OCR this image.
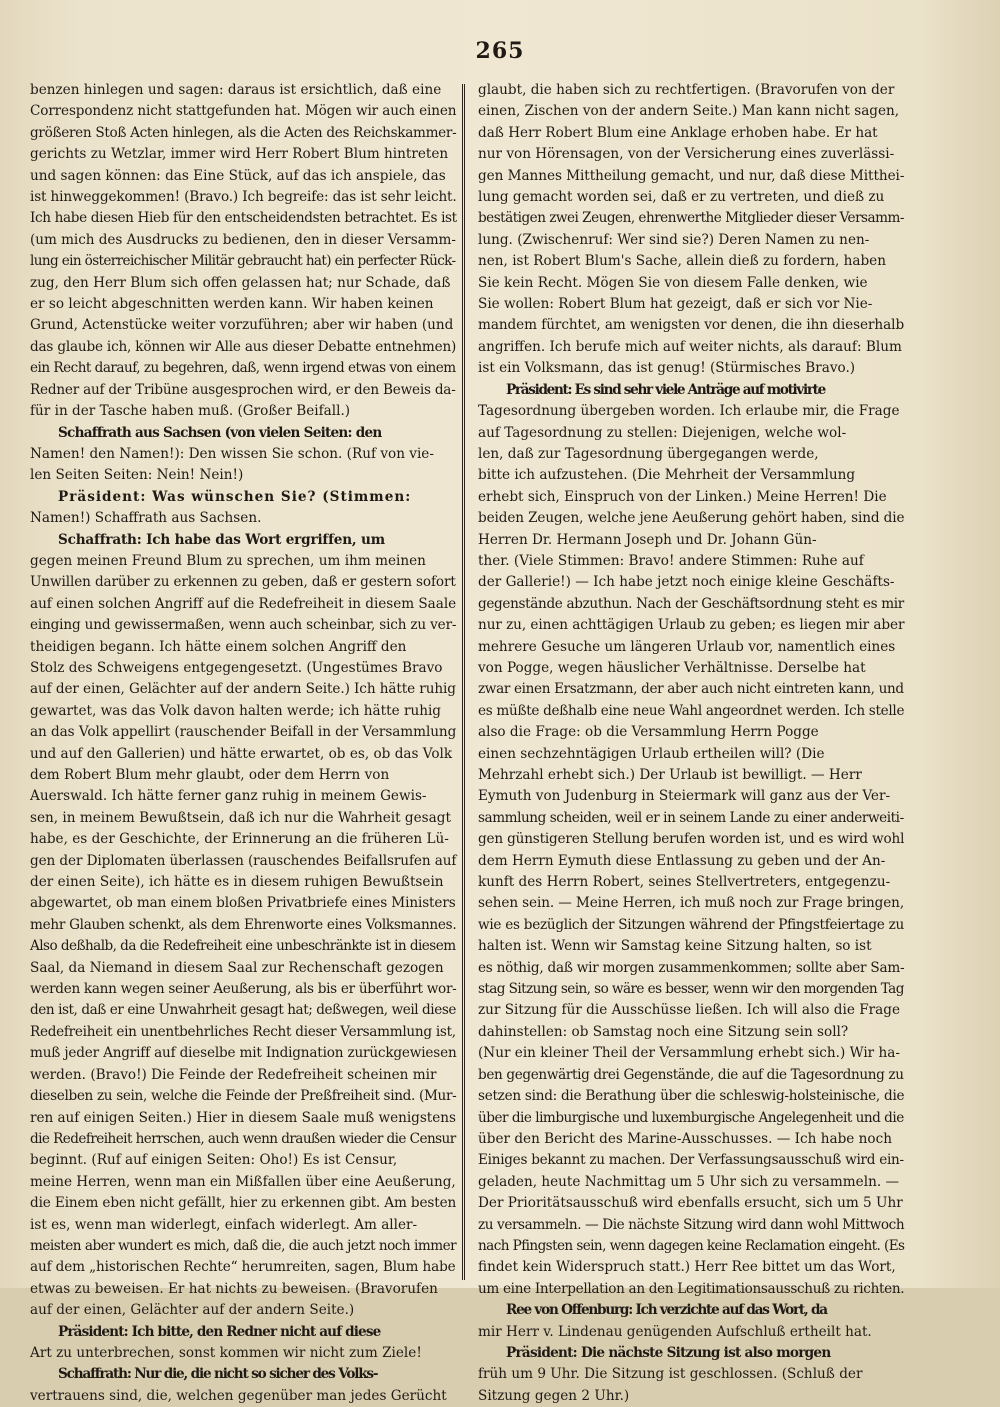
265
benzen hinlegen und sagen: daraus ist ersichtlich, daß eine
Correspondenz nicht stattgefunden hat. Mögen wir auch einen
größeren Stoß Acten hinlegen, als die Acten des Reichskammer-
gerichts zu Wetzlar, immer wird Herr Robert Blum hintreten
und sagen können: das Eine Stück, auf das ich anspiele, das
ist hinweggekommen! (Bravo.) Ich begreife: das ist sehr leicht.
Ich habe diesen Hieb für den entscheidendsten betrachtet. Es ist
(um mich des Ausdrucks zu bedienen, den in dieser Versamm-
lung ein österreichischer Militär gebraucht hat) ein perfecter Rück-
zug, den Herr Blum sich offen gelassen hat; nur Schade, daß
er so leicht abgeschnitten werden kann. Wir haben keinen
Grund, Actenstücke weiter vorzuführen; aber wir haben (und
das glaube ich, können wir Alle aus dieser Debatte entnehmen)
ein Recht darauf, zu begehren, daß, wenn irgend etwas von einem
Redner auf der Tribüne ausgesprochen wird, er den Beweis da-
für in der Tasche haben muß. (Großer Beifall.)
Schaffrath aus Sachsen (von vielen Seiten: den
Namen! den Namen!): Den wissen Sie schon. (Ruf von vie-
len Seiten Seiten: Nein! Nein!)
Präsident: Was wünschen Sie? (Stimmen:
Namen!) Schaffrath aus Sachsen.
Schaffrath: Ich habe das Wort ergriffen, um
gegen meinen Freund Blum zu sprechen, um ihm meinen
Unwillen darüber zu erkennen zu geben, daß er gestern sofort
auf einen solchen Angriff auf die Redefreiheit in diesem Saale
einging und gewissermaßen, wenn auch scheinbar, sich zu ver-
theidigen begann. Ich hätte einem solchen Angriff den
Stolz des Schweigens entgegengesetzt. (Ungestümes Bravo
auf der einen, Gelächter auf der andern Seite.) Ich hätte ruhig
gewartet, was das Volk davon halten werde; ich hätte ruhig
an das Volk appellirt (rauschender Beifall in der Versammlung
und auf den Gallerien) und hätte erwartet, ob es, ob das Volk
dem Robert Blum mehr glaubt, oder dem Herrn von
Auerswald. Ich hätte ferner ganz ruhig in meinem Gewis-
sen, in meinem Bewußtsein, daß ich nur die Wahrheit gesagt
habe, es der Geschichte, der Erinnerung an die früheren Lü-
gen der Diplomaten überlassen (rauschendes Beifallsrufen auf
der einen Seite), ich hätte es in diesem ruhigen Bewußtsein
abgewartet, ob man einem bloßen Privatbriefe eines Ministers
mehr Glauben schenkt, als dem Ehrenworte eines Volksmannes.
Also deßhalb, da die Redefreiheit eine unbeschränkte ist in diesem
Saal, da Niemand in diesem Saal zur Rechenschaft gezogen
werden kann wegen seiner Aeußerung, als bis er überführt wor-
den ist, daß er eine Unwahrheit gesagt hat; deßwegen, weil diese
Redefreiheit ein unentbehrliches Recht dieser Versammlung ist,
muß jeder Angriff auf dieselbe mit Indignation zurückgewiesen
werden. (Bravo!) Die Feinde der Redefreiheit scheinen mir
dieselben zu sein, welche die Feinde der Preßfreiheit sind. (Mur-
ren auf einigen Seiten.) Hier in diesem Saale muß wenigstens
die Redefreiheit herrschen, auch wenn draußen wieder die Censur
beginnt. (Ruf auf einigen Seiten: Oho!) Es ist Censur,
meine Herren, wenn man ein Mißfallen über eine Aeußerung,
die Einem eben nicht gefällt, hier zu erkennen gibt. Am besten
ist es, wenn man widerlegt, einfach widerlegt. Am aller-
meisten aber wundert es mich, daß die, die auch jetzt noch immer
auf dem „historischen Rechte“ herumreiten, sagen, Blum habe
etwas zu beweisen. Er hat nichts zu beweisen. (Bravorufen
auf der einen, Gelächter auf der andern Seite.)
Präsident: Ich bitte, den Redner nicht auf diese
Art zu unterbrechen, sonst kommen wir nicht zum Ziele!
Schaffrath: Nur die, die nicht so sicher des Volks-
vertrauens sind, die, welchen gegenüber man jedes Gerücht
glaubt, die haben sich zu rechtfertigen. (Bravorufen von der
einen, Zischen von der andern Seite.) Man kann nicht sagen,
daß Herr Robert Blum eine Anklage erhoben habe. Er hat
nur von Hörensagen, von der Versicherung eines zuverlässi-
gen Mannes Mittheilung gemacht, und nur, daß diese Mitthei-
lung gemacht worden sei, daß er zu vertreten, und dieß zu
bestätigen zwei Zeugen, ehrenwerthe Mitglieder dieser Versamm-
lung. (Zwischenruf: Wer sind sie?) Deren Namen zu nen-
nen, ist Robert Blum's Sache, allein dieß zu fordern, haben
Sie kein Recht. Mögen Sie von diesem Falle denken, wie
Sie wollen: Robert Blum hat gezeigt, daß er sich vor Nie-
mandem fürchtet, am wenigsten vor denen, die ihn dieserhalb
angriffen. Ich berufe mich auf weiter nichts, als darauf: Blum
ist ein Volksmann, das ist genug! (Stürmisches Bravo.)
Präsident: Es sind sehr viele Anträge auf motivirte
Tagesordnung übergeben worden. Ich erlaube mir, die Frage
auf Tagesordnung zu stellen: Diejenigen, welche wol-
len, daß zur Tagesordnung übergegangen werde,
bitte ich aufzustehen. (Die Mehrheit der Versammlung
erhebt sich, Einspruch von der Linken.) Meine Herren! Die
beiden Zeugen, welche jene Aeußerung gehört haben, sind die
Herren Dr. Hermann Joseph und Dr. Johann Gün-
ther. (Viele Stimmen: Bravo! andere Stimmen: Ruhe auf
der Gallerie!) — Ich habe jetzt noch einige kleine Geschäfts-
gegenstände abzuthun. Nach der Geschäftsordnung steht es mir
nur zu, einen achttägigen Urlaub zu geben; es liegen mir aber
mehrere Gesuche um längeren Urlaub vor, namentlich eines
von Pogge, wegen häuslicher Verhältnisse. Derselbe hat
zwar einen Ersatzmann, der aber auch nicht eintreten kann, und
es müßte deßhalb eine neue Wahl angeordnet werden. Ich stelle
also die Frage: ob die Versammlung Herrn Pogge
einen sechzehntägigen Urlaub ertheilen will? (Die
Mehrzahl erhebt sich.) Der Urlaub ist bewilligt. — Herr
Eymuth von Judenburg in Steiermark will ganz aus der Ver-
sammlung scheiden, weil er in seinem Lande zu einer anderweiti-
gen günstigeren Stellung berufen worden ist, und es wird wohl
dem Herrn Eymuth diese Entlassung zu geben und der An-
kunft des Herrn Robert, seines Stellvertreters, entgegenzu-
sehen sein. — Meine Herren, ich muß noch zur Frage bringen,
wie es bezüglich der Sitzungen während der Pfingstfeiertage zu
halten ist. Wenn wir Samstag keine Sitzung halten, so ist
es nöthig, daß wir morgen zusammenkommen; sollte aber Sam-
stag Sitzung sein, so wäre es besser, wenn wir den morgenden Tag
zur Sitzung für die Ausschüsse ließen. Ich will also die Frage
dahinstellen: ob Samstag noch eine Sitzung sein soll?
(Nur ein kleiner Theil der Versammlung erhebt sich.) Wir ha-
ben gegenwärtig drei Gegenstände, die auf die Tagesordnung zu
setzen sind: die Berathung über die schleswig-holsteinische, die
über die limburgische und luxemburgische Angelegenheit und die
über den Bericht des Marine-Ausschusses. — Ich habe noch
Einiges bekannt zu machen. Der Verfassungsausschuß wird ein-
geladen, heute Nachmittag um 5 Uhr sich zu versammeln. —
Der Prioritätsausschuß wird ebenfalls ersucht, sich um 5 Uhr
zu versammeln. — Die nächste Sitzung wird dann wohl Mittwoch
nach Pfingsten sein, wenn dagegen keine Reclamation eingeht. (Es
findet kein Widerspruch statt.) Herr Ree bittet um das Wort,
um eine Interpellation an den Legitimationsausschuß zu richten.
Ree von Offenburg: Ich verzichte auf das Wort, da
mir Herr v. Lindenau genügenden Aufschluß ertheilt hat.
Präsident: Die nächste Sitzung ist also morgen
früh um 9 Uhr. Die Sitzung ist geschlossen. (Schluß der
Sitzung gegen 2 Uhr.)
